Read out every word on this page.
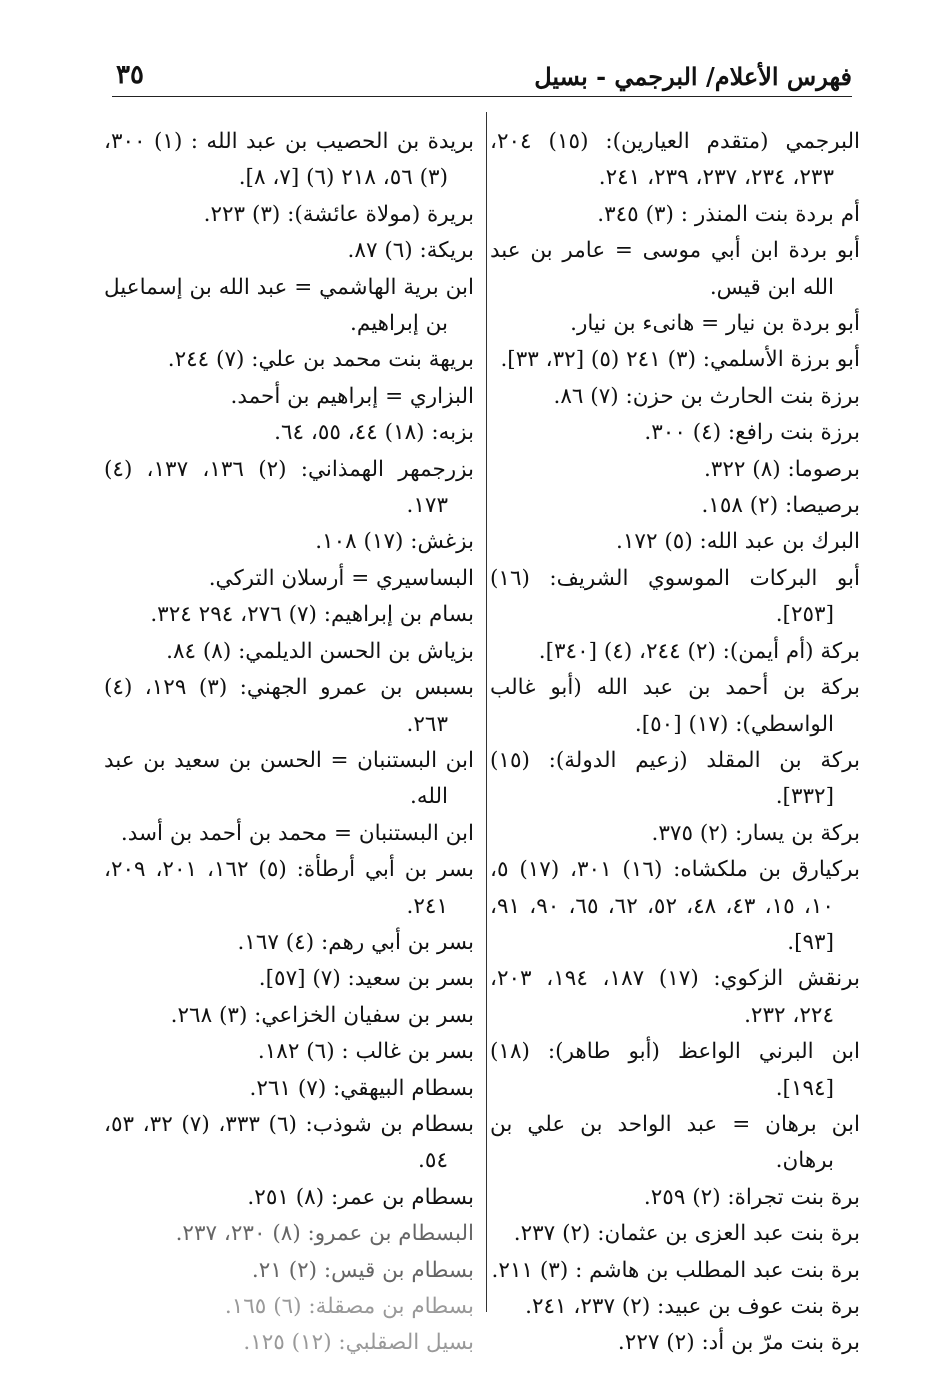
فهرس الأعلام/ البرجمي - بسيل
٣٥
البرجمي (متقدم العيارين): (١٥) ٢٠٤، ٢٣٣، ٢٣٤، ٢٣٧، ٢٣٩، ٢٤١.
أم بردة بنت المنذر : (٣) ٣٤٥.
أبو بردة ابن أبي موسى = عامر بن عبد الله ابن قيس.
أبو بردة بن نيار = هانىء بن نيار.
أبو برزة الأسلمي: (٣) ٢٤١ (٥) [٣٢، ٣٣].
برزة بنت الحارث بن حزن: (٧) ٨٦.
برزة بنت رافع: (٤) ٣٠٠.
برصوما: (٨) ٣٢٢.
برصيصا: (٢) ١٥٨.
البرك بن عبد الله: (٥) ١٧٢.
أبو البركات الموسوي الشريف: (١٦) [٢٥٣].
بركة (أم أيمن): (٢) ٢٤٤، (٤) [٣٤٠].
بركة بن أحمد بن عبد الله (أبو غالب الواسطي): (١٧) [٥٠].
بركة بن المقلد (زعيم الدولة): (١٥) [٣٣٢].
بركة بن يسار: (٢) ٣٧٥.
بركيارق بن ملكشاه: (١٦) ٣٠١، (١٧) ٥، ١٠، ١٥، ٤٣، ٤٨، ٥٢، ٦٢، ٦٥، ٩٠، ٩١، [٩٣].
برنقش الزكوي: (١٧) ١٨٧، ١٩٤، ٢٠٣، ٢٢٤، ٢٣٢.
ابن البرني الواعظ (أبو طاهر): (١٨) [١٩٤].
ابن برهان = عبد الواحد بن علي بن برهان.
برة بنت تجراة: (٢) ٢٥٩.
برة بنت عبد العزى بن عثمان: (٢) ٢٣٧.
برة بنت عبد المطلب بن هاشم : (٣) ٢١١.
برة بنت عوف بن عبيد: (٢) ٢٣٧، ٢٤١.
برة بنت مرّ بن أد: (٢) ٢٢٧.
بريدة بن الحصيب بن عبد الله : (١) ٣٠٠، (٣) ٥٦، ٢١٨ (٦) [٧، ٨].
بريرة (مولاة عائشة): (٣) ٢٢٣.
بريكة: (٦) ٨٧.
ابن برية الهاشمي = عبد الله بن إسماعيل بن إبراهيم.
بريهة بنت محمد بن علي: (٧) ٢٤٤.
البزاري = إبراهيم بن أحمد.
بزبه: (١٨) ٤٤، ٥٥، ٦٤.
بزرجمهر الهمذاني: (٢) ١٣٦، ١٣٧، (٤) ١٧٣.
بزغش: (١٧) ١٠٨.
البساسيري = أرسلان التركي.
بسام بن إبراهيم: (٧) ٢٧٦، ٢٩٤ ٣٢٤.
بزياش بن الحسن الديلمي: (٨) ٨٤.
بسبس بن عمرو الجهني: (٣) ١٢٩، (٤) ٢٦٣.
ابن البستنبان = الحسن بن سعيد بن عبد الله.
ابن البستنبان = محمد بن أحمد بن أسد.
بسر بن أبي أرطأة: (٥) ١٦٢، ٢٠١، ٢٠٩، ٢٤١.
بسر بن أبي رهم: (٤) ١٦٧.
بسر بن سعيد: (٧) [٥٧].
بسر بن سفيان الخزاعي: (٣) ٢٦٨.
بسر بن غالب : (٦) ١٨٢.
بسطام البيهقي: (٧) ٢٦١.
بسطام بن شوذب: (٦) ٣٣٣، (٧) ٣٢، ٥٣، ٥٤.
بسطام بن عمر: (٨) ٢٥١.
البسطام بن عمرو: (٨) ٢٣٠، ٢٣٧.
بسطام بن قيس: (٢) ٢١.
بسطام بن مصقلة: (٦) ١٦٥.
بسيل الصقلبي: (١٢) ١٢٥.
